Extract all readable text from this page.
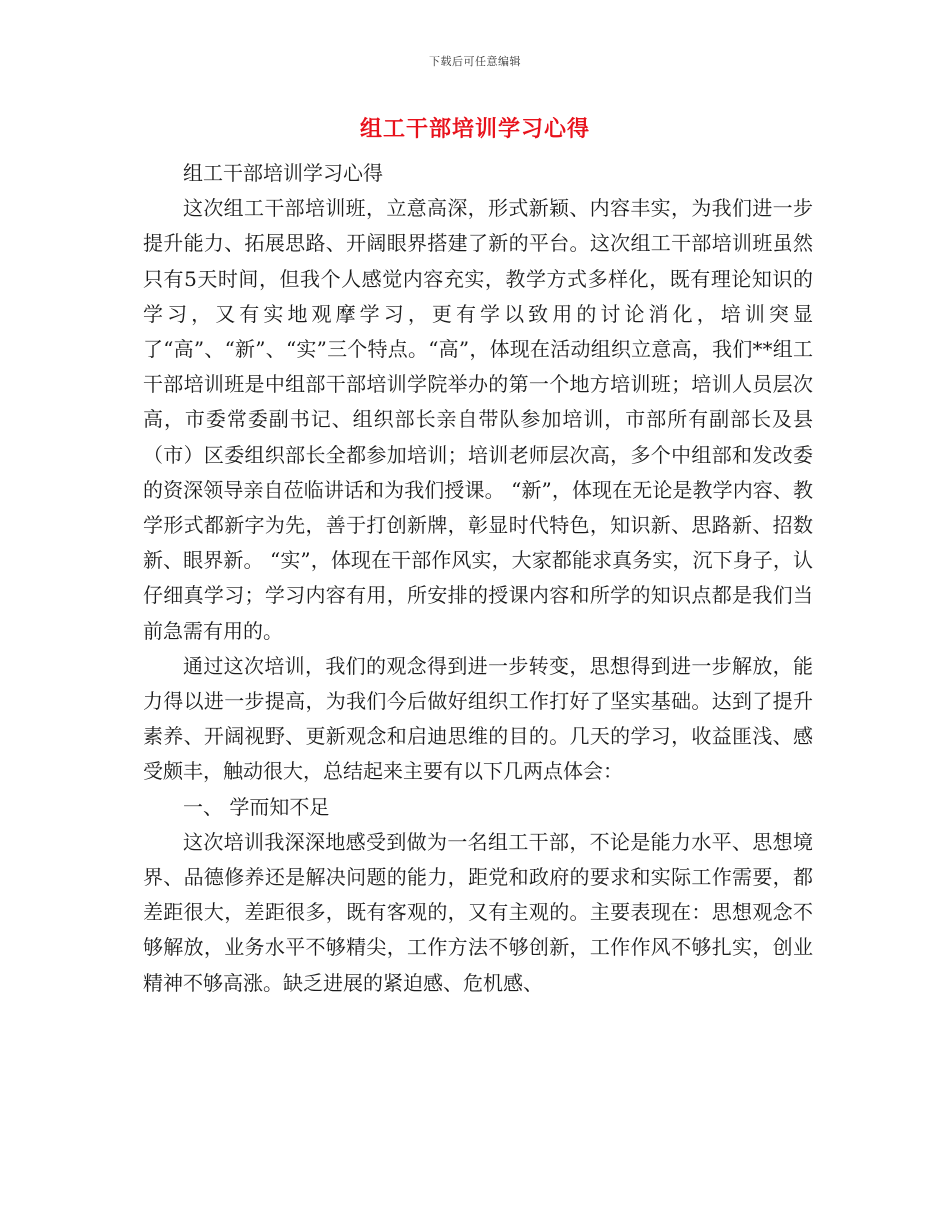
下载后可任意编辑
组工干部培训学习心得

组工干部培训学习心得

这次组工干部培训班，立意高深，形式新颖、内容丰实，为我们进一步提升能力、拓展思路、开阔眼界搭建了新的平台。这次组工干部培训班虽然只有5天时间，但我个人感觉内容充实，教学方式多样化，既有理论知识的学习，又有实地观摩学习，更有学以致用的讨论消化，培训突显了“高”、“新”、“实”三个特点。“高”，体现在活动组织立意高，我们**组工干部培训班是中组部干部培训学院举办的第一个地方培训班；培训人员层次高，市委常委副书记、组织部长亲自带队参加培训，市部所有副部长及县（市）区委组织部长全都参加培训；培训老师层次高，多个中组部和发改委的资深领导亲自莅临讲话和为我们授课。 “新”，体现在无论是教学内容、教学形式都新字为先，善于打创新牌，彰显时代特色，知识新、思路新、招数新、眼界新。 “实”，体现在干部作风实，大家都能求真务实，沉下身子，认仔细真学习；学习内容有用，所安排的授课内容和所学的知识点都是我们当前急需有用的。

通过这次培训，我们的观念得到进一步转变，思想得到进一步解放，能力得以进一步提高，为我们今后做好组织工作打好了坚实基础。达到了提升素养、开阔视野、更新观念和启迪思维的目的。几天的学习，收益匪浅、感受颇丰，触动很大，总结起来主要有以下几两点体会：

一、 学而知不足

这次培训我深深地感受到做为一名组工干部，不论是能力水平、思想境界、品德修养还是解决问题的能力，距党和政府的要求和实际工作需要，都差距很大，差距很多，既有客观的，又有主观的。主要表现在：思想观念不够解放，业务水平不够精尖，工作方法不够创新，工作作风不够扎实，创业精神不够高涨。缺乏进展的紧迫感、危机感、
